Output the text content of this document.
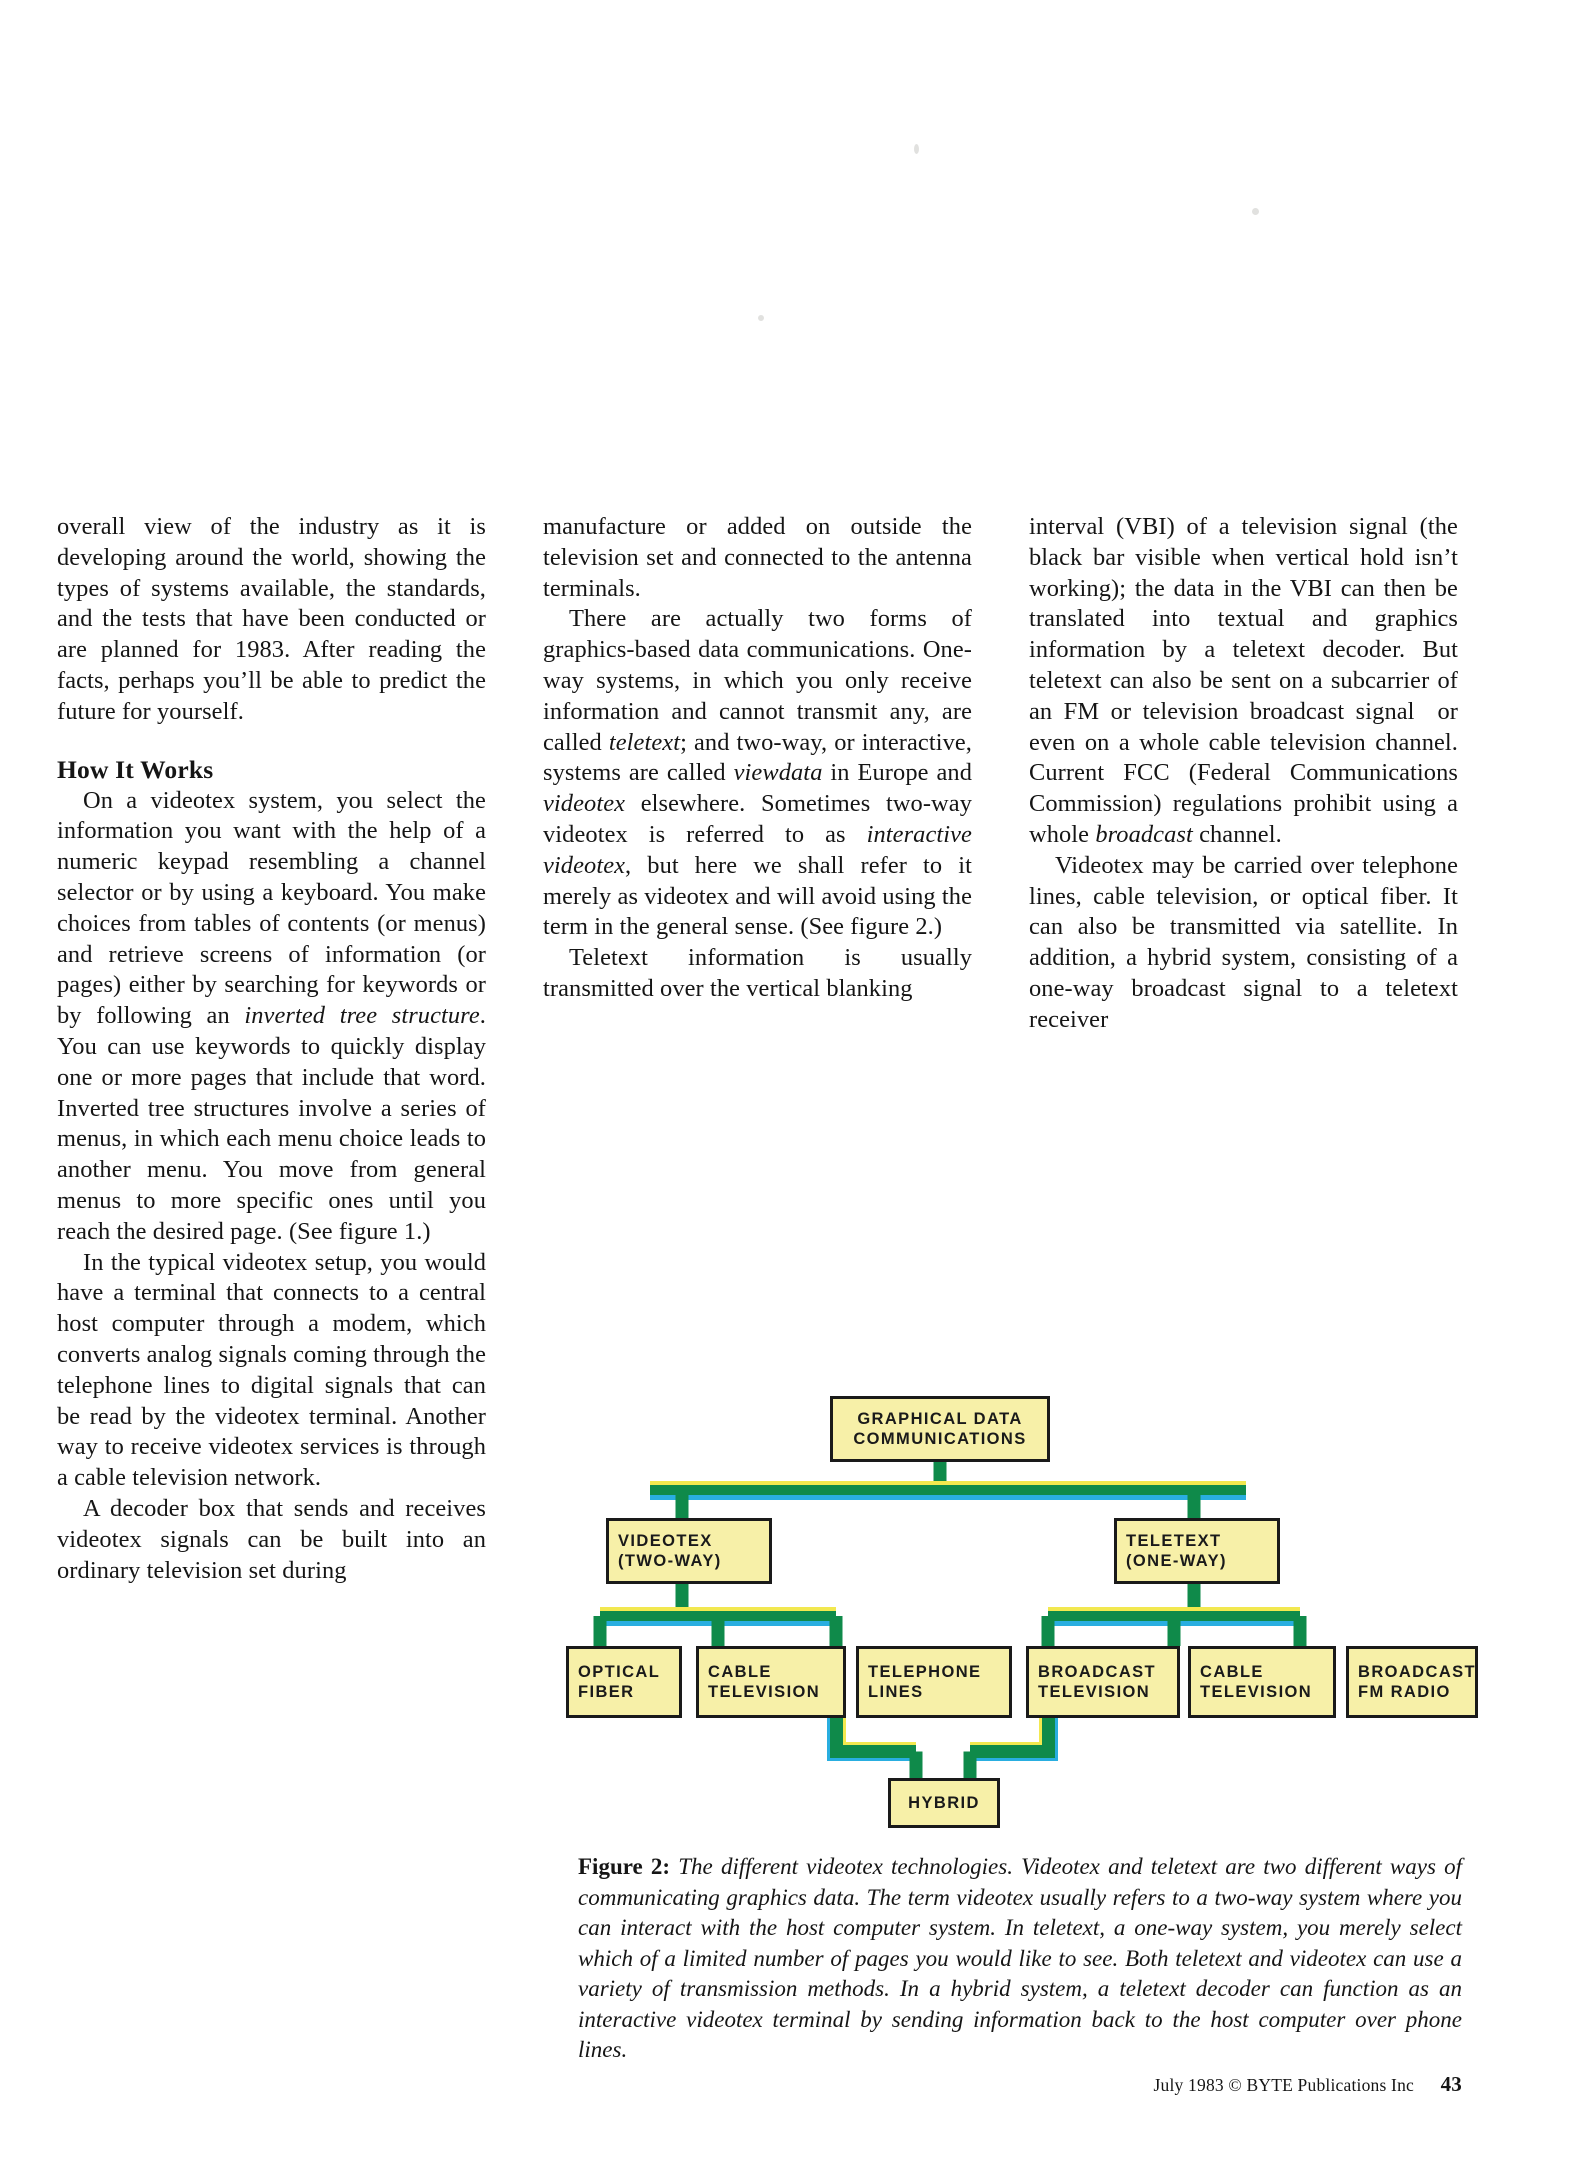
overall view of the industry as it is developing around the world, showing the types of systems available, the standards, and the tests that have been conducted or are planned for 1983. After reading the facts, perhaps you’ll be able to predict the future for yourself.

How It Works

On a videotex system, you select the information you want with the help of a numeric keypad resembling a channel selector or by using a keyboard. You make choices from tables of contents (or menus) and retrieve screens of information (or pages) either by searching for keywords or by following an inverted tree structure. You can use keywords to quickly display one or more pages that include that word. Inverted tree structures involve a series of menus, in which each menu choice leads to another menu. You move from general menus to more specific ones until you reach the desired page. (See figure 1.)

In the typical videotex setup, you would have a terminal that connects to a central host computer through a modem, which converts analog signals coming through the telephone lines to digital signals that can be read by the videotex terminal. Another way to receive videotex services is through a cable television network.

A decoder box that sends and receives videotex signals can be built into an ordinary television set during

manufacture or added on outside the television set and connected to the antenna terminals.

There are actually two forms of graphics-based data communications. One-way systems, in which you only receive information and cannot transmit any, are called teletext; and two-way, or interactive, systems are called viewdata in Europe and videotex elsewhere. Sometimes two-way videotex is referred to as interactive videotex, but here we shall refer to it merely as videotex and will avoid using the term in the general sense. (See figure 2.)

Teletext information is usually transmitted over the vertical blanking

interval (VBI) of a television signal (the black bar visible when vertical hold isn’t working); the data in the VBI can then be translated into textual and graphics information by a teletext decoder. But teletext can also be sent on a subcarrier of an FM or television broadcast signal  or even on a whole cable television channel. Current FCC (Federal Communications Commission) regulations prohibit using a whole broadcast channel.

Videotex may be carried over telephone lines, cable television, or optical fiber. It can also be transmitted via satellite. In addition, a hybrid system, consisting of a one-way broadcast signal to a teletext receiver

GRAPHICAL DATA
COMMUNICATIONS
VIDEOTEX
(TWO-WAY)
TELETEXT
(ONE-WAY)
OPTICAL
FIBER
CABLE
TELEVISION
TELEPHONE
LINES
BROADCAST
TELEVISION
CABLE
TELEVISION
BROADCAST
FM RADIO
HYBRID
Figure 2: The different videotex technologies. Videotex and teletext are two different ways of communicating graphics data. The term videotex usually refers to a two-way system where you can interact with the host computer system. In teletext, a one-way system, you merely select which of a limited number of pages you would like to see. Both teletext and videotex can use a variety of transmission methods. In a hybrid system, a teletext decoder can function as an interactive videotex terminal by sending information back to the host computer over phone lines.
July 1983 © BYTE Publications Inc 43
